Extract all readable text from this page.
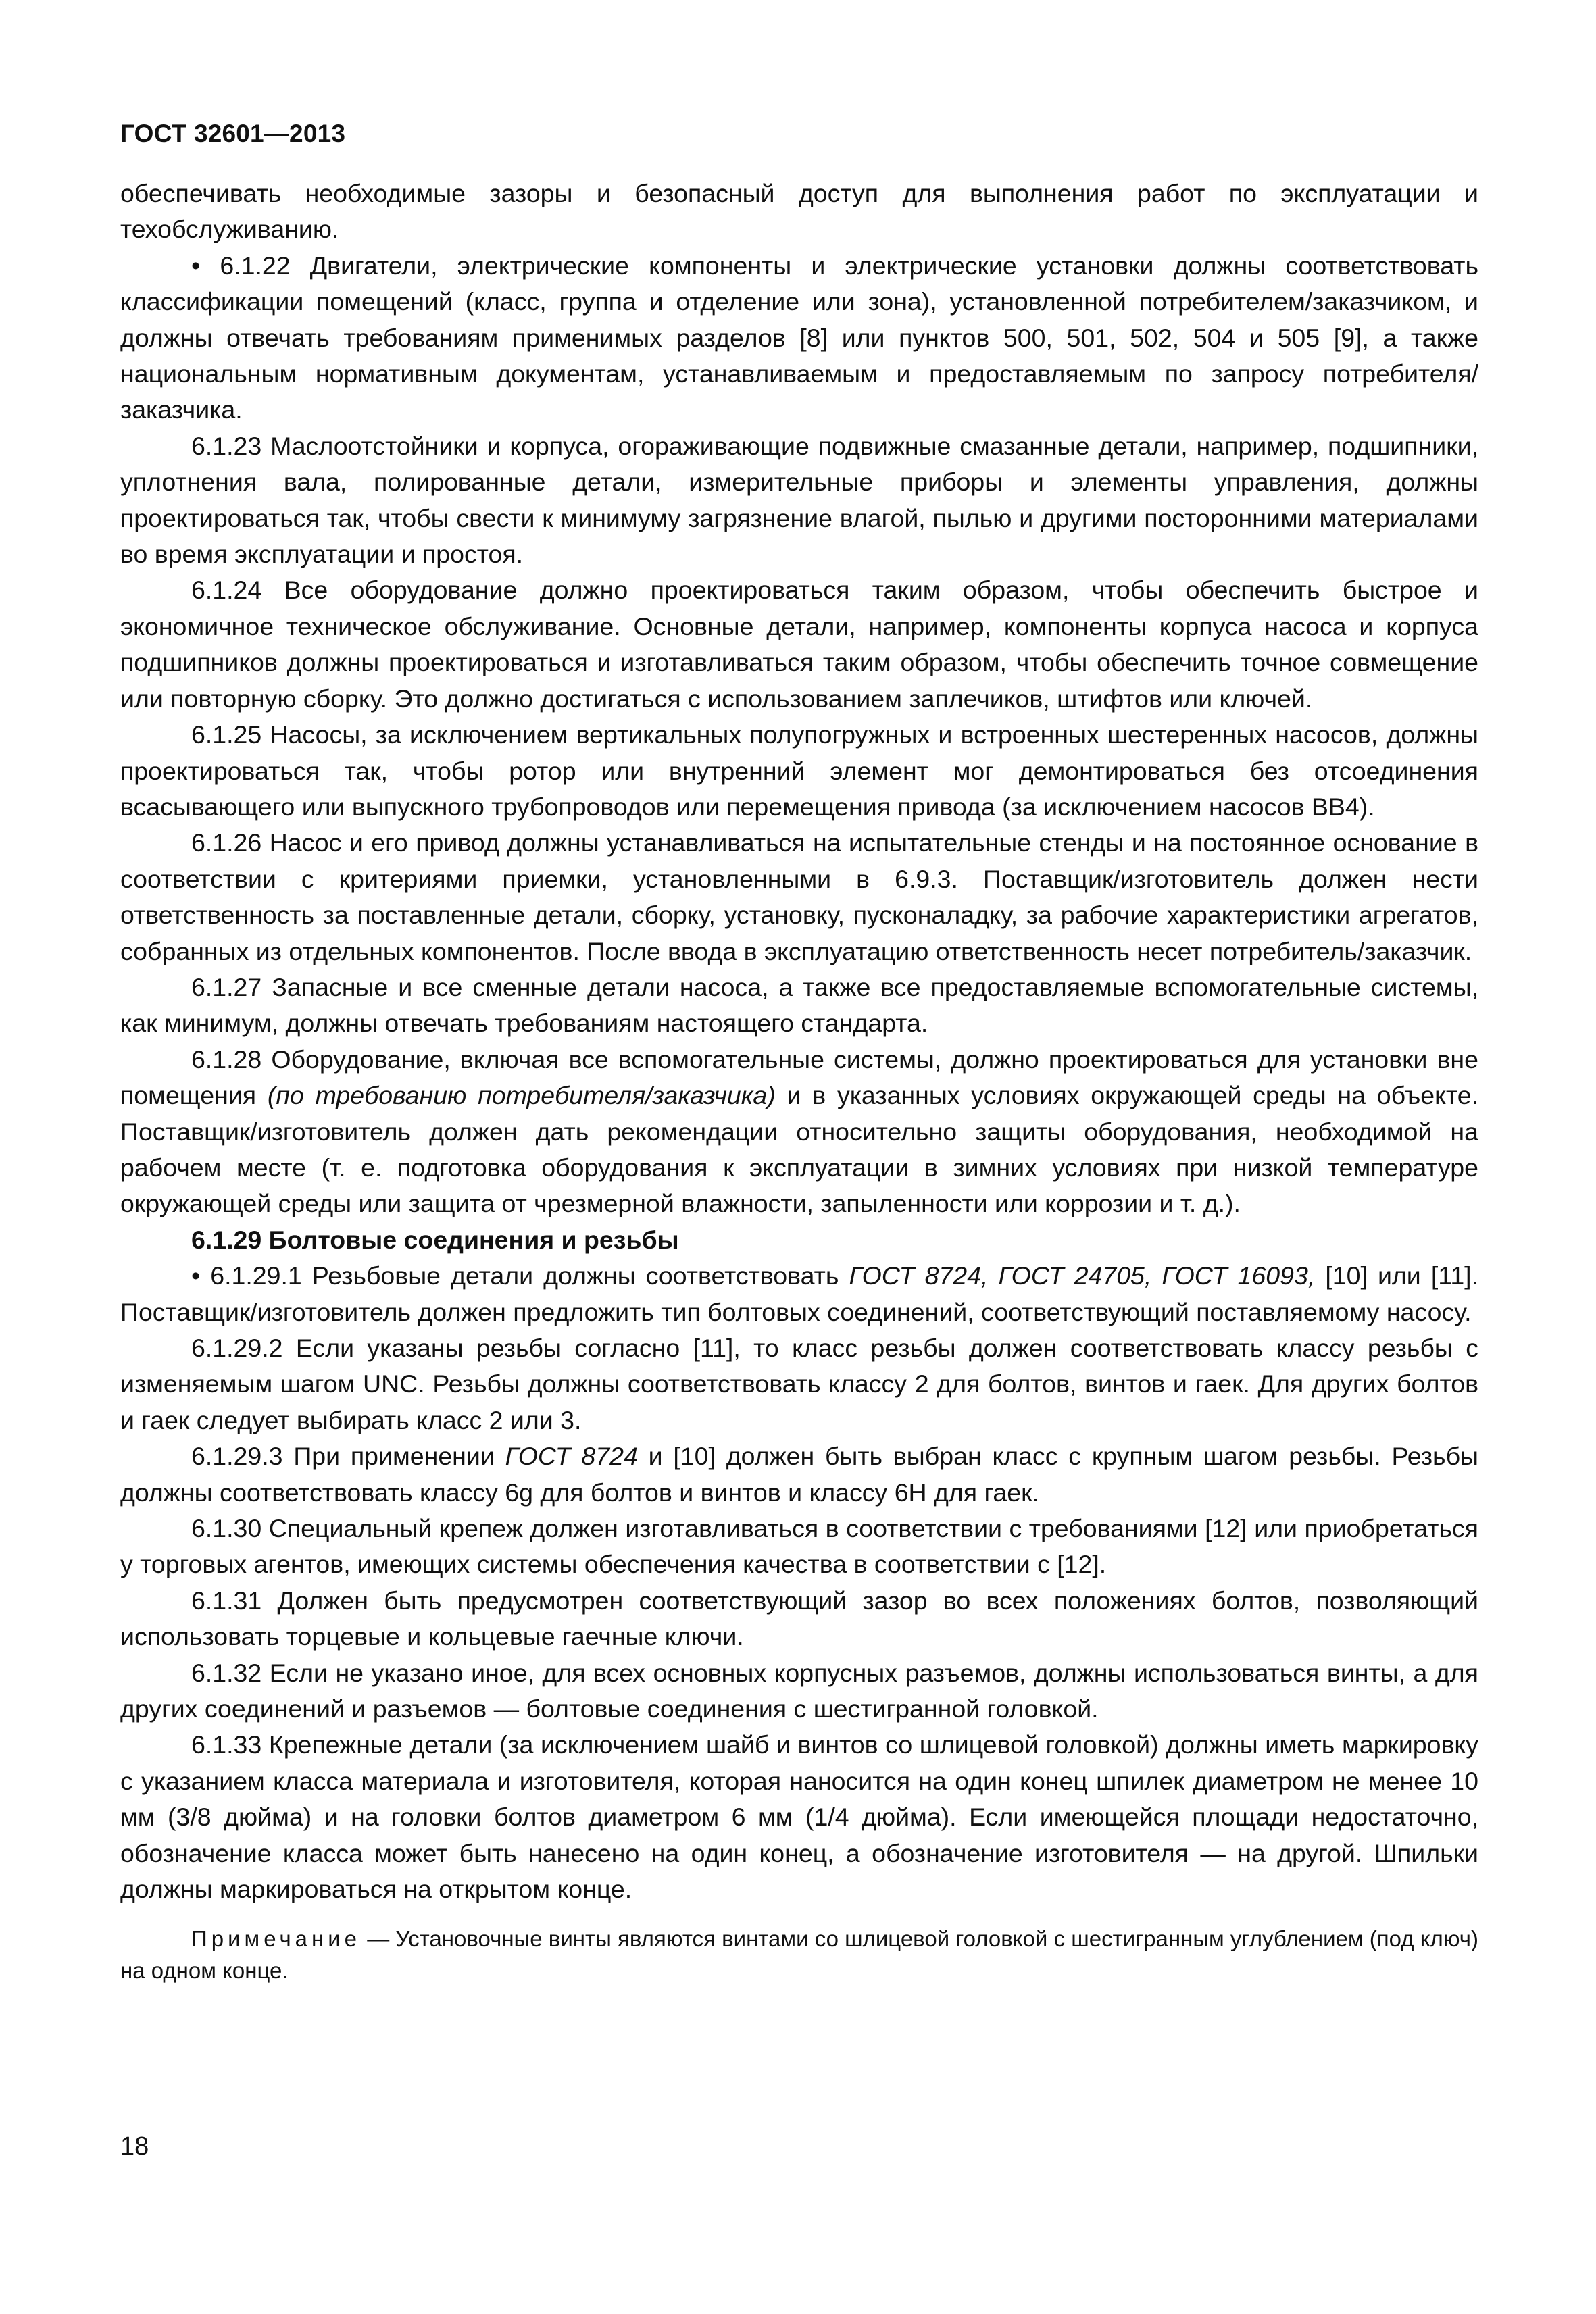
ГОСТ 32601—2013

обеспечивать необходимые зазоры и безопасный доступ для выполнения работ по эксплуатации и техобслуживанию.

• 6.1.22 Двигатели, электрические компоненты и электрические установки должны соответствовать классификации помещений (класс, группа и отделение или зона), установленной потребителем/заказчиком, и должны отвечать требованиям применимых разделов [8] или пунктов 500, 501, 502, 504 и 505 [9], а также национальным нормативным документам, устанавливаемым и предоставляемым по запросу потребителя/заказчика.

6.1.23 Маслоотстойники и корпуса, огораживающие подвижные смазанные детали, например, подшипники, уплотнения вала, полированные детали, измерительные приборы и элементы управления, должны проектироваться так, чтобы свести к минимуму загрязнение влагой, пылью и другими посторонними материалами во время эксплуатации и простоя.

6.1.24 Все оборудование должно проектироваться таким образом, чтобы обеспечить быстрое и экономичное техническое обслуживание. Основные детали, например, компоненты корпуса насоса и корпуса подшипников должны проектироваться и изготавливаться таким образом, чтобы обеспечить точное совмещение или повторную сборку. Это должно достигаться с использованием заплечиков, штифтов или ключей.

6.1.25 Насосы, за исключением вертикальных полупогружных и встроенных шестеренных насосов, должны проектироваться так, чтобы ротор или внутренний элемент мог демонтироваться без отсоединения всасывающего или выпускного трубопроводов или перемещения привода (за исключением насосов ВВ4).

6.1.26 Насос и его привод должны устанавливаться на испытательные стенды и на постоянное основание в соответствии с критериями приемки, установленными в 6.9.3. Поставщик/изготовитель должен нести ответственность за поставленные детали, сборку, установку, пусконаладку, за рабочие характеристики агрегатов, собранных из отдельных компонентов. После ввода в эксплуатацию ответственность несет потребитель/заказчик.

6.1.27 Запасные и все сменные детали насоса, а также все предоставляемые вспомогательные системы, как минимум, должны отвечать требованиям настоящего стандарта.

6.1.28 Оборудование, включая все вспомогательные системы, должно проектироваться для установки вне помещения (по требованию потребителя/заказчика) и в указанных условиях окружающей среды на объекте. Поставщик/изготовитель должен дать рекомендации относительно защиты оборудования, необходимой на рабочем месте (т. е. подготовка оборудования к эксплуатации в зимних условиях при низкой температуре окружающей среды или защита от чрезмерной влажности, запыленности или коррозии и т. д.).

6.1.29 Болтовые соединения и резьбы

• 6.1.29.1 Резьбовые детали должны соответствовать ГОСТ 8724, ГОСТ 24705, ГОСТ 16093, [10] или [11]. Поставщик/изготовитель должен предложить тип болтовых соединений, соответствующий поставляемому насосу.

6.1.29.2 Если указаны резьбы согласно [11], то класс резьбы должен соответствовать классу резьбы с изменяемым шагом UNC. Резьбы должны соответствовать классу 2 для болтов, винтов и гаек. Для других болтов и гаек следует выбирать класс 2 или 3.

6.1.29.3 При применении ГОСТ 8724 и [10] должен быть выбран класс с крупным шагом резьбы. Резьбы должны соответствовать классу 6g для болтов и винтов и классу 6Н для гаек.

6.1.30 Специальный крепеж должен изготавливаться в соответствии с требованиями [12] или приобретаться у торговых агентов, имеющих системы обеспечения качества в соответствии с [12].

6.1.31 Должен быть предусмотрен соответствующий зазор во всех положениях болтов, позволяющий использовать торцевые и кольцевые гаечные ключи.

6.1.32 Если не указано иное, для всех основных корпусных разъемов, должны использоваться винты, а для других соединений и разъемов — болтовые соединения с шестигранной головкой.

6.1.33 Крепежные детали (за исключением шайб и винтов со шлицевой головкой) должны иметь маркировку с указанием класса материала и изготовителя, которая наносится на один конец шпилек диаметром не менее 10 мм (3/8 дюйма) и на головки болтов диаметром 6 мм (1/4 дюйма). Если имеющейся площади недостаточно, обозначение класса может быть нанесено на один конец, а обозначение изготовителя — на другой. Шпильки должны маркироваться на открытом конце.

Примечание — Установочные винты являются винтами со шлицевой головкой с шестигранным углублением (под ключ) на одном конце.

18
